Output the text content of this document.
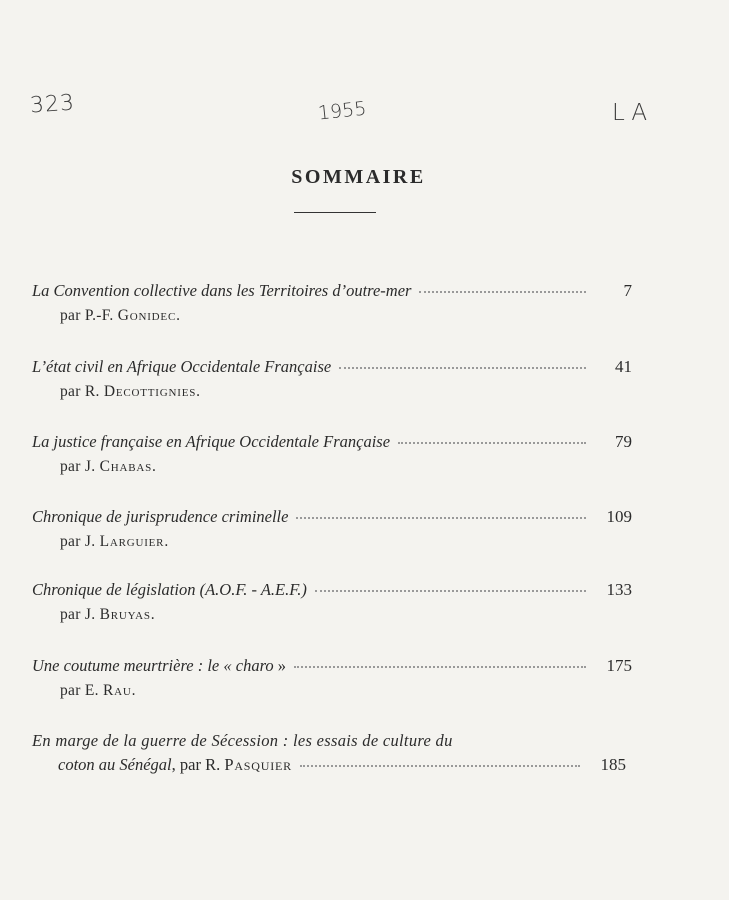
323	1955	LA
SOMMAIRE
La Convention collective dans les Territoires d’outre-mer	7
par P.-F. Gonidec.
L’état civil en Afrique Occidentale Française	41
par R. Decottignies.
La justice française en Afrique Occidentale Française	79
par J. Chabas.
Chronique de jurisprudence criminelle	109
par J. Larguier.
Chronique de législation (A.O.F. - A.E.F.)	133
par J. Bruyas.
Une coutume meurtrière : le « charo »	175
par E. Rau.
En marge de la guerre de Sécession : les essais de culture du
coton au Sénégal , par R. Pasquier	185
